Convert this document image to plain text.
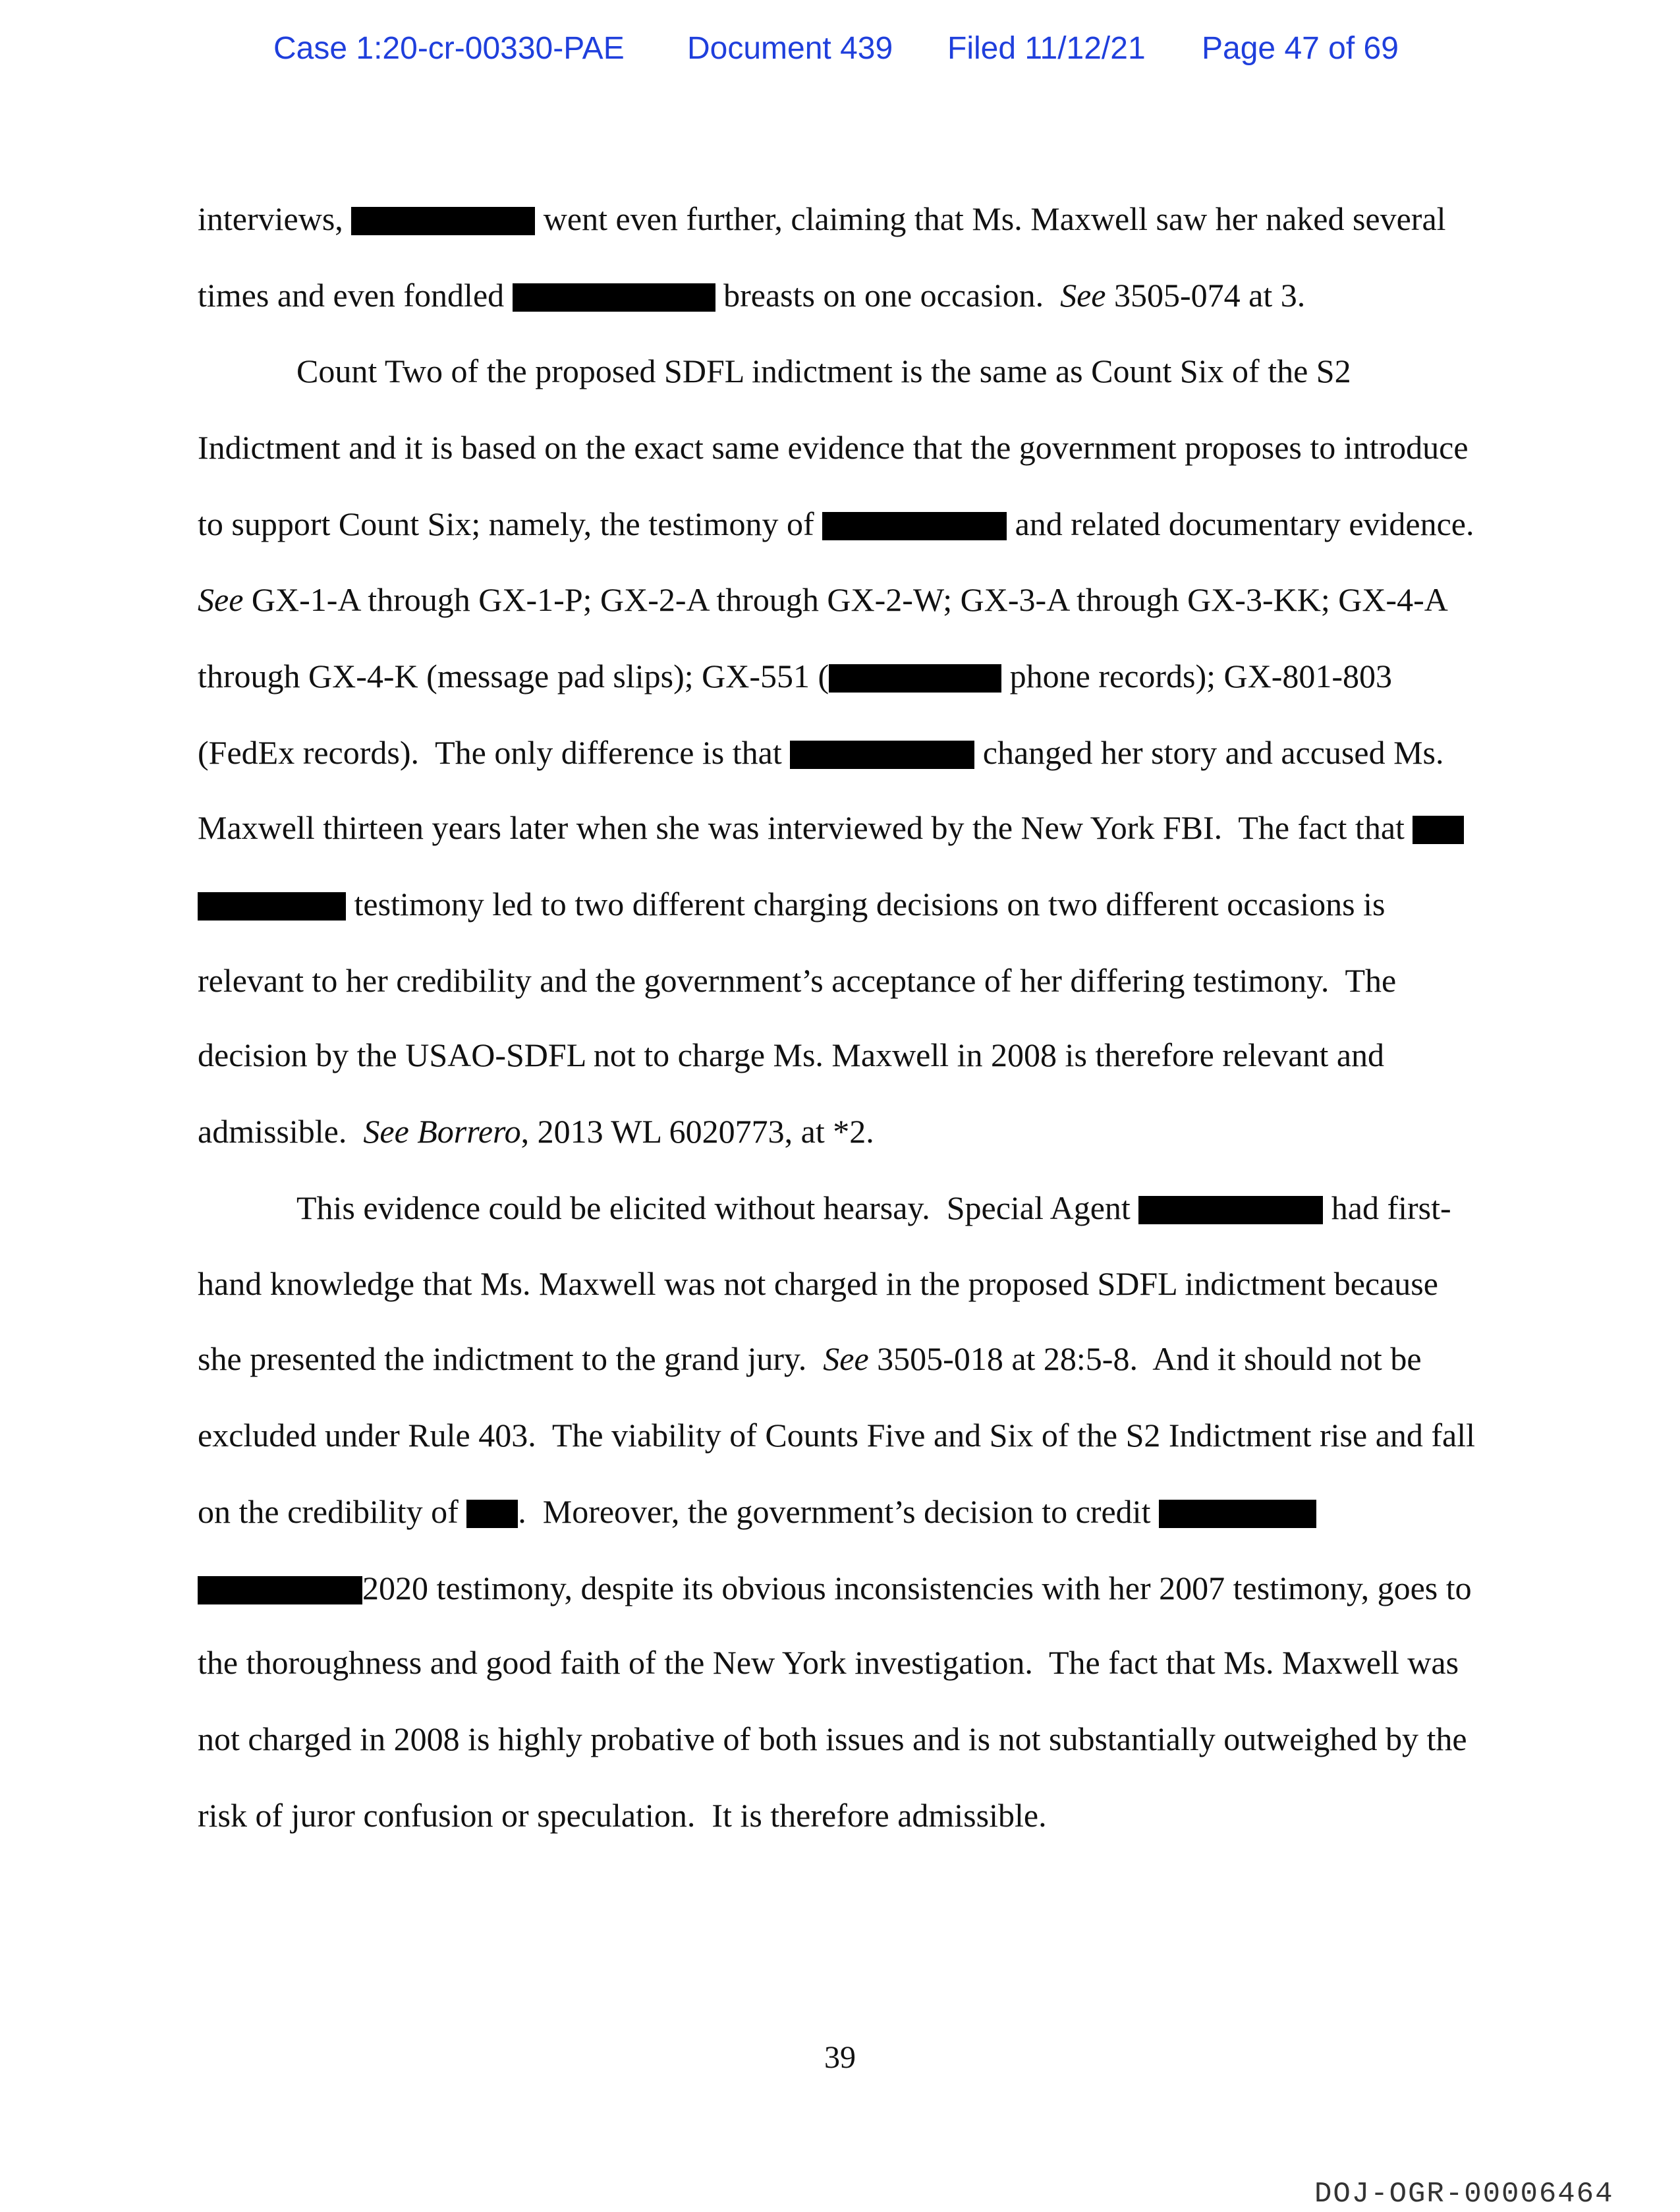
Case 1:20-cr-00330-PAE Document 439 Filed 11/12/21 Page 47 of 69
interviews,	went even further, claiming that Ms. Maxwell saw her naked several
times and even fondled	breasts on one occasion.  See 3505-074 at 3.
Count Two of the proposed SDFL indictment is the same as Count Six of the S2
Indictment and it is based on the exact same evidence that the government proposes to introduce
to support Count Six; namely, the testimony of	and related documentary evidence.
See GX-1-A through GX-1-P; GX-2-A through GX-2-W; GX-3-A through GX-3-KK; GX-4-A
through GX-4-K (message pad slips); GX-551 (	phone records); GX-801-803
(FedEx records).  The only difference is that	changed her story and accused Ms.
Maxwell thirteen years later when she was interviewed by the New York FBI.  The fact that
testimony led to two different charging decisions on two different occasions is
relevant to her credibility and the government’s acceptance of her differing testimony.  The
decision by the USAO-SDFL not to charge Ms. Maxwell in 2008 is therefore relevant and
admissible.  See Borrero, 2013 WL 6020773, at *2.
This evidence could be elicited without hearsay.  Special Agent	had first-
hand knowledge that Ms. Maxwell was not charged in the proposed SDFL indictment because
she presented the indictment to the grand jury.  See 3505-018 at 28:5-8.  And it should not be
excluded under Rule 403.  The viability of Counts Five and Six of the S2 Indictment rise and fall
on the credibility of .  Moreover, the government’s decision to credit
2020 testimony, despite its obvious inconsistencies with her 2007 testimony, goes to
the thoroughness and good faith of the New York investigation.  The fact that Ms. Maxwell was
not charged in 2008 is highly probative of both issues and is not substantially outweighed by the
risk of juror confusion or speculation.  It is therefore admissible.
39
DOJ-OGR-00006464
